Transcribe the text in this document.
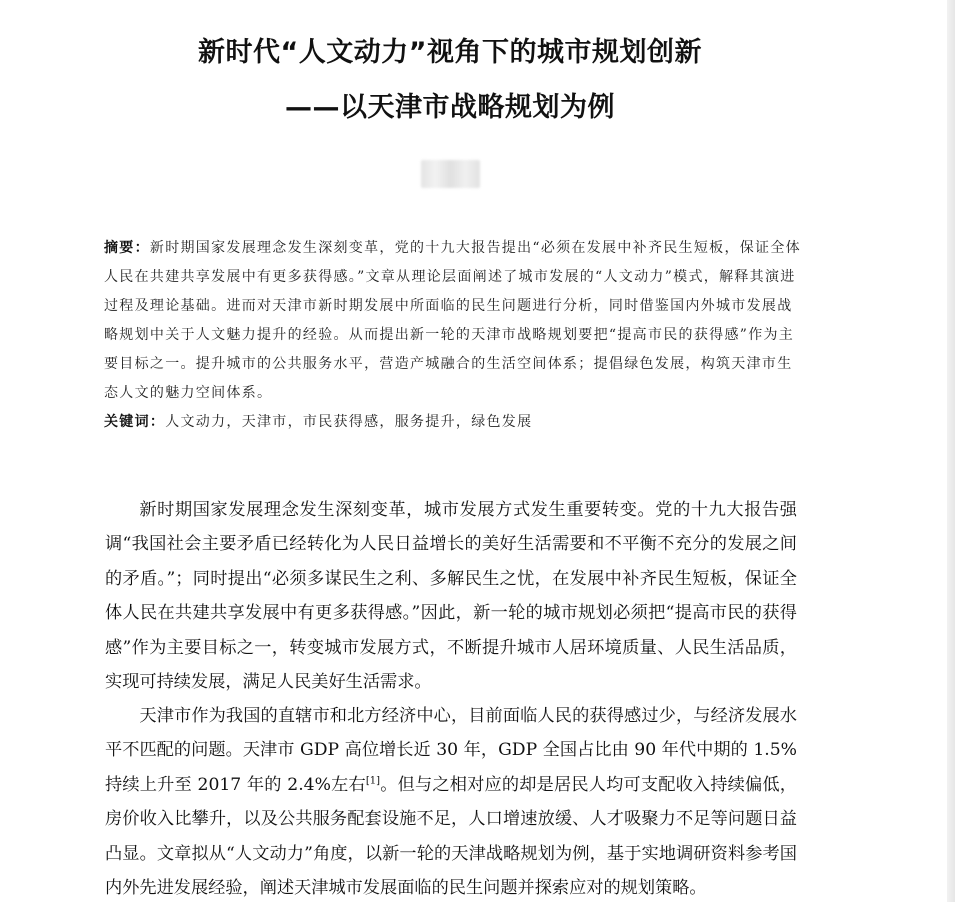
新时代“人文动力”视角下的城市规划创新
——以天津市战略规划为例

摘要：新时期国家发展理念发生深刻变革，党的十九大报告提出“必须在发展中补齐民生短板，保证全体人民在共建共享发展中有更多获得感。”文章从理论层面阐述了城市发展的“人文动力”模式，解释其演进过程及理论基础。进而对天津市新时期发展中所面临的民生问题进行分析，同时借鉴国内外城市发展战略规划中关于人文魅力提升的经验。从而提出新一轮的天津市战略规划要把“提高市民的获得感”作为主要目标之一。提升城市的公共服务水平，营造产城融合的生活空间体系；提倡绿色发展，构筑天津市生态人文的魅力空间体系。

关键词：人文动力，天津市，市民获得感，服务提升，绿色发展

新时期国家发展理念发生深刻变革，城市发展方式发生重要转变。党的十九大报告强调“我国社会主要矛盾已经转化为人民日益增长的美好生活需要和不平衡不充分的发展之间的矛盾。”；同时提出“必须多谋民生之利、多解民生之忧，在发展中补齐民生短板，保证全体人民在共建共享发展中有更多获得感。”因此，新一轮的城市规划必须把“提高市民的获得感”作为主要目标之一，转变城市发展方式，不断提升城市人居环境质量、人民生活品质，实现可持续发展，满足人民美好生活需求。

天津市作为我国的直辖市和北方经济中心，目前面临人民的获得感过少，与经济发展水平不匹配的问题。天津市 GDP 高位增长近 30 年，GDP 全国占比由 90 年代中期的 1.5%持续上升至 2017 年的 2.4%左右[1]。但与之相对应的却是居民人均可支配收入持续偏低，房价收入比攀升，以及公共服务配套设施不足，人口增速放缓、人才吸聚力不足等问题日益凸显。文章拟从“人文动力”角度，以新一轮的天津战略规划为例，基于实地调研资料参考国内外先进发展经验，阐述天津城市发展面临的民生问题并探索应对的规划策略。
